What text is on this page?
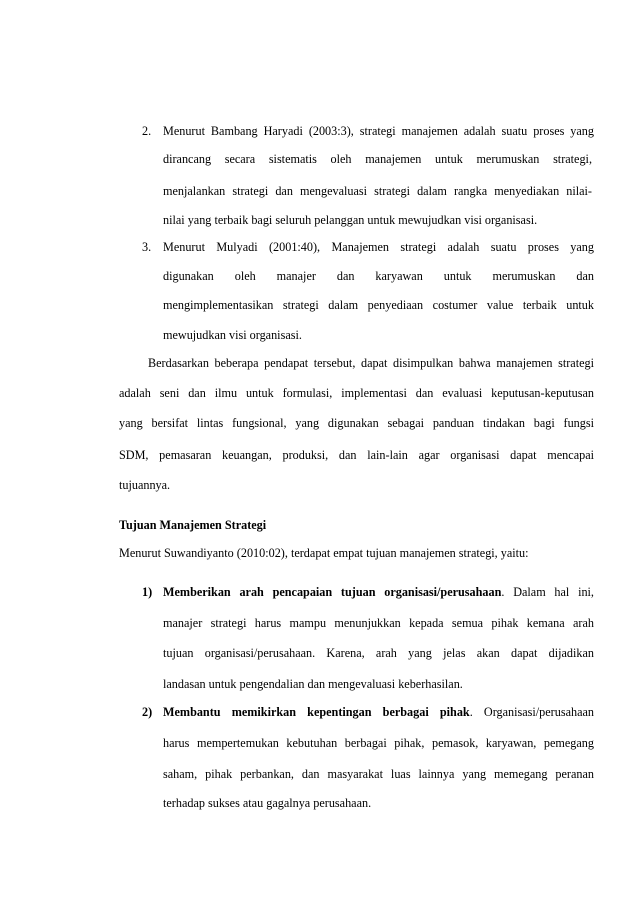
2. Menurut Bambang Haryadi (2003:3), strategi manajemen adalah suatu proses yang
dirancang secara sistematis oleh manajemen untuk merumuskan strategi,
menjalankan strategi dan mengevaluasi strategi dalam rangka menyediakan nilai-
nilai yang terbaik bagi seluruh pelanggan untuk mewujudkan visi organisasi.
3. Menurut Mulyadi (2001:40), Manajemen strategi adalah suatu proses yang
digunakan oleh manajer dan karyawan untuk merumuskan dan
mengimplementasikan strategi dalam penyediaan costumer value terbaik untuk
mewujudkan visi organisasi.
Berdasarkan beberapa pendapat tersebut, dapat disimpulkan bahwa manajemen strategi
adalah seni dan ilmu untuk formulasi, implementasi dan evaluasi keputusan-keputusan
yang bersifat lintas fungsional, yang digunakan sebagai panduan tindakan bagi fungsi
SDM, pemasaran keuangan, produksi, dan lain-lain agar organisasi dapat mencapai
tujuannya.
Tujuan Manajemen Strategi
Menurut Suwandiyanto (2010:02), terdapat empat tujuan manajemen strategi, yaitu:
1) Memberikan arah pencapaian tujuan organisasi/perusahaan. Dalam hal ini,
manajer strategi harus mampu menunjukkan kepada semua pihak kemana arah
tujuan organisasi/perusahaan. Karena, arah yang jelas akan dapat dijadikan
landasan untuk pengendalian dan mengevaluasi keberhasilan.
2) Membantu memikirkan kepentingan berbagai pihak. Organisasi/perusahaan
harus mempertemukan kebutuhan berbagai pihak, pemasok, karyawan, pemegang
saham, pihak perbankan, dan masyarakat luas lainnya yang memegang peranan
terhadap sukses atau gagalnya perusahaan.
